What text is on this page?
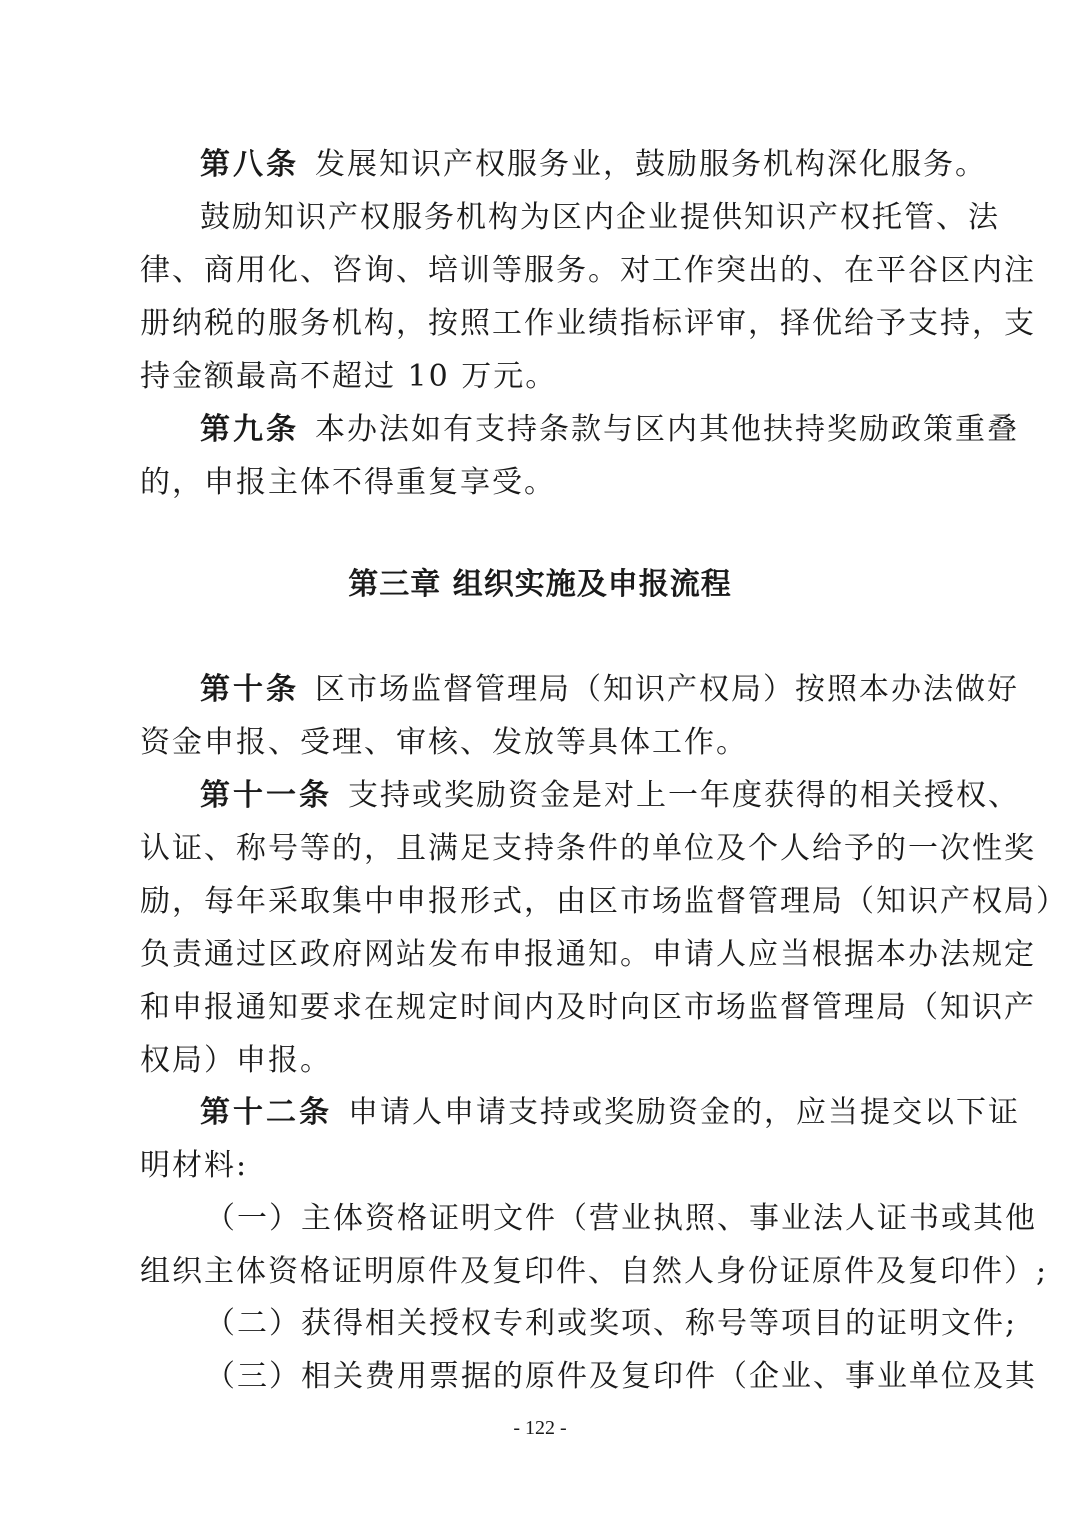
第八条 发展知识产权服务业，鼓励服务机构深化服务。
鼓励知识产权服务机构为区内企业提供知识产权托管、法
律、商用化、咨询、培训等服务。对工作突出的、在平谷区内注
册纳税的服务机构，按照工作业绩指标评审，择优给予支持，支
持金额最高不超过 10 万元。
第九条 本办法如有支持条款与区内其他扶持奖励政策重叠
的，申报主体不得重复享受。
第三章 组织实施及申报流程
第十条 区市场监督管理局（知识产权局）按照本办法做好
资金申报、受理、审核、发放等具体工作。
第十一条 支持或奖励资金是对上一年度获得的相关授权、
认证、称号等的，且满足支持条件的单位及个人给予的一次性奖
励，每年采取集中申报形式，由区市场监督管理局（知识产权局）
负责通过区政府网站发布申报通知。申请人应当根据本办法规定
和申报通知要求在规定时间内及时向区市场监督管理局（知识产
权局）申报。
第十二条 申请人申请支持或奖励资金的，应当提交以下证
明材料:
（一）主体资格证明文件（营业执照、事业法人证书或其他
组织主体资格证明原件及复印件、自然人身份证原件及复印件）;
（二）获得相关授权专利或奖项、称号等项目的证明文件;
（三）相关费用票据的原件及复印件（企业、事业单位及其
- 122 -
